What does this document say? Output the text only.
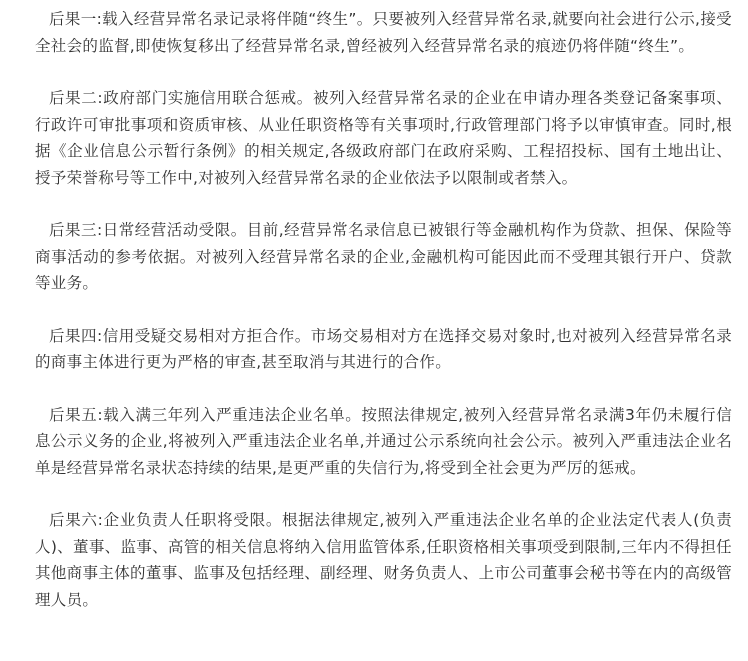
后果一:载入经营异常名录记录将伴随“终生”。只要被列入经营异常名录,就要向社会进行公示,接受全社会的监督,即使恢复移出了经营异常名录,曾经被列入经营异常名录的痕迹仍将伴随“终生”。

后果二:政府部门实施信用联合惩戒。被列入经营异常名录的企业在申请办理各类登记备案事项、行政许可审批事项和资质审核、从业任职资格等有关事项时,行政管理部门将予以审慎审查。同时,根据《企业信息公示暂行条例》的相关规定,各级政府部门在政府采购、工程招投标、国有土地出让、授予荣誉称号等工作中,对被列入经营异常名录的企业依法予以限制或者禁入。

后果三:日常经营活动受限。目前,经营异常名录信息已被银行等金融机构作为贷款、担保、保险等商事活动的参考依据。对被列入经营异常名录的企业,金融机构可能因此而不受理其银行开户、贷款等业务。

后果四:信用受疑交易相对方拒合作。市场交易相对方在选择交易对象时,也对被列入经营异常名录的商事主体进行更为严格的审查,甚至取消与其进行的合作。

后果五:载入满三年列入严重违法企业名单。按照法律规定,被列入经营异常名录满3年仍未履行信息公示义务的企业,将被列入严重违法企业名单,并通过公示系统向社会公示。被列入严重违法企业名单是经营异常名录状态持续的结果,是更严重的失信行为,将受到全社会更为严厉的惩戒。

后果六:企业负责人任职将受限。根据法律规定,被列入严重违法企业名单的企业法定代表人(负责人)、董事、监事、高管的相关信息将纳入信用监管体系,任职资格相关事项受到限制,三年内不得担任其他商事主体的董事、监事及包括经理、副经理、财务负责人、上市公司董事会秘书等在内的高级管理人员。
